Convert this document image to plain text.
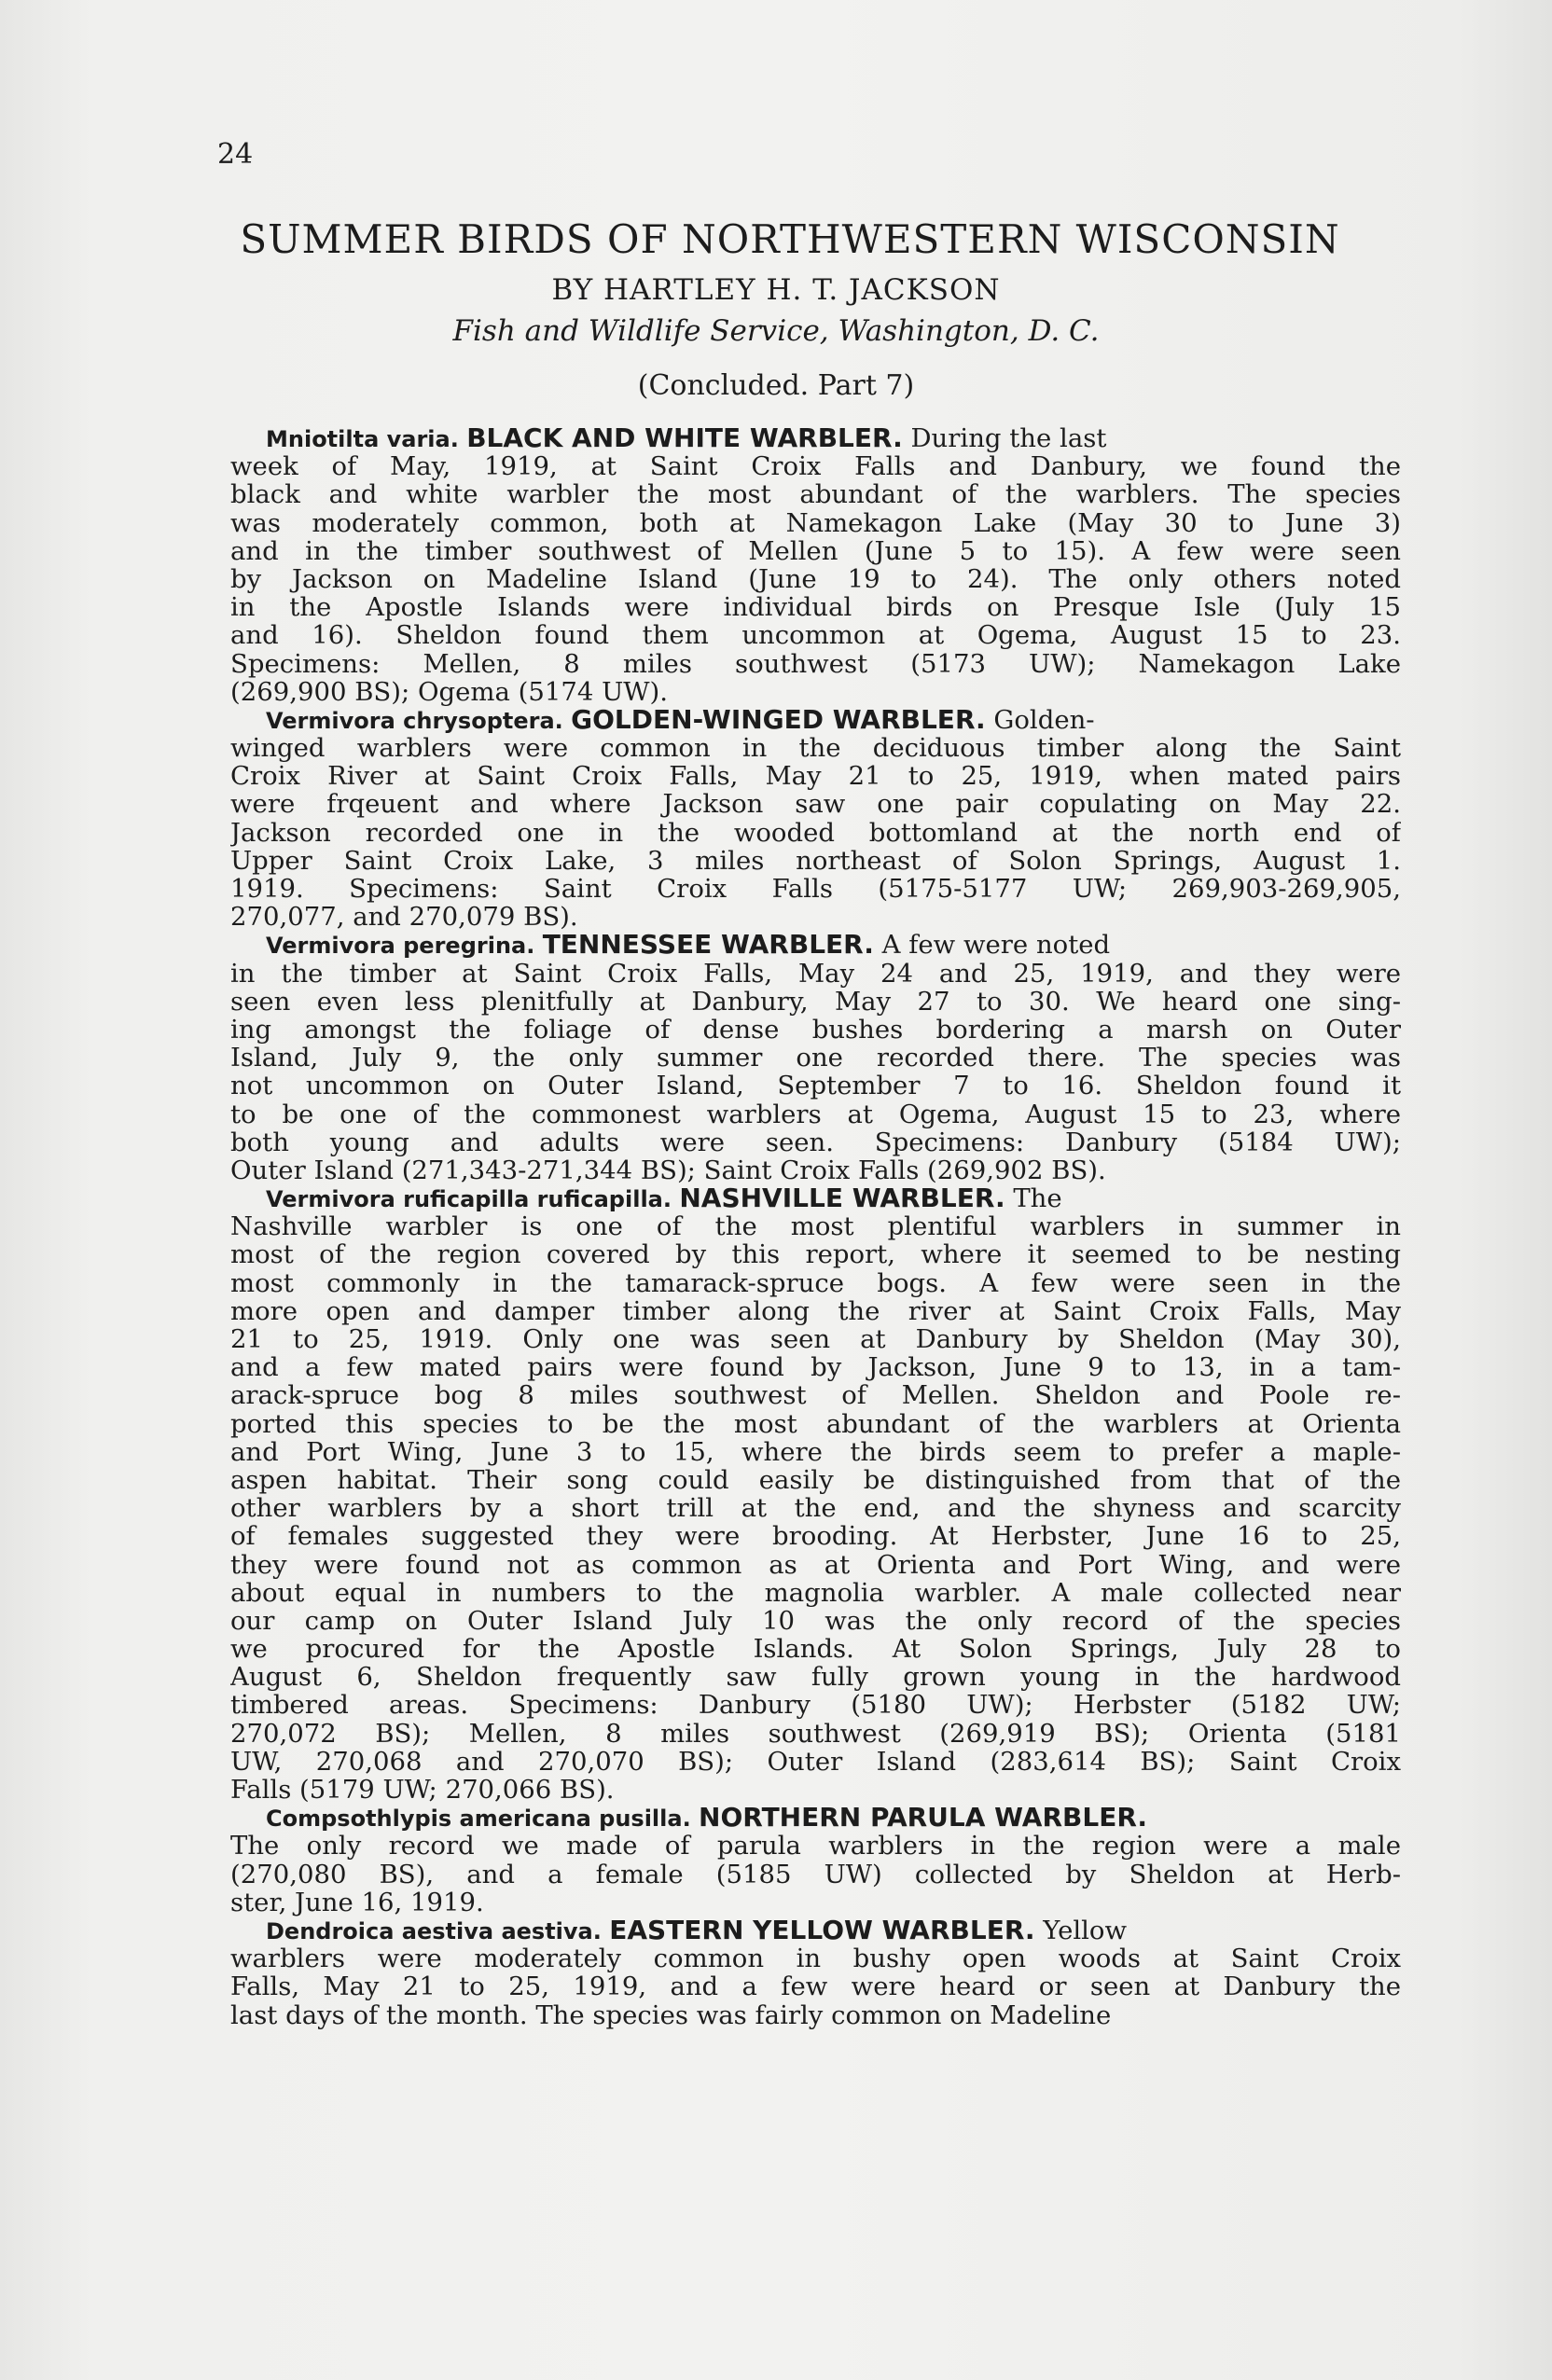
24
SUMMER BIRDS OF NORTHWESTERN WISCONSIN
BY HARTLEY H. T. JACKSON
Fish and Wildlife Service, Washington, D. C.
(Concluded. Part 7)
Mniotilta varia. BLACK AND WHITE WARBLER. During the last
week of May, 1919, at Saint Croix Falls and Danbury, we found the
black and white warbler the most abundant of the warblers. The species
was moderately common, both at Namekagon Lake (May 30 to June 3)
and in the timber southwest of Mellen (June 5 to 15). A few were seen
by Jackson on Madeline Island (June 19 to 24). The only others noted
in the Apostle Islands were individual birds on Presque Isle (July 15
and 16). Sheldon found them uncommon at Ogema, August 15 to 23.
Specimens: Mellen, 8 miles southwest (5173 UW); Namekagon Lake
(269,900 BS); Ogema (5174 UW).
Vermivora chrysoptera. GOLDEN-WINGED WARBLER. Golden-
winged warblers were common in the deciduous timber along the Saint
Croix River at Saint Croix Falls, May 21 to 25, 1919, when mated pairs
were frqeuent and where Jackson saw one pair copulating on May 22.
Jackson recorded one in the wooded bottomland at the north end of
Upper Saint Croix Lake, 3 miles northeast of Solon Springs, August 1.
1919. Specimens: Saint Croix Falls (5175-5177 UW; 269,903-269,905,
270,077, and 270,079 BS).
Vermivora peregrina. TENNESSEE WARBLER. A few were noted
in the timber at Saint Croix Falls, May 24 and 25, 1919, and they were
seen even less plenitfully at Danbury, May 27 to 30. We heard one sing-
ing amongst the foliage of dense bushes bordering a marsh on Outer
Island, July 9, the only summer one recorded there. The species was
not uncommon on Outer Island, September 7 to 16. Sheldon found it
to be one of the commonest warblers at Ogema, August 15 to 23, where
both young and adults were seen. Specimens: Danbury (5184 UW);
Outer Island (271,343-271,344 BS); Saint Croix Falls (269,902 BS).
Vermivora ruficapilla ruficapilla. NASHVILLE WARBLER. The
Nashville warbler is one of the most plentiful warblers in summer in
most of the region covered by this report, where it seemed to be nesting
most commonly in the tamarack-spruce bogs. A few were seen in the
more open and damper timber along the river at Saint Croix Falls, May
21 to 25, 1919. Only one was seen at Danbury by Sheldon (May 30),
and a few mated pairs were found by Jackson, June 9 to 13, in a tam-
arack-spruce bog 8 miles southwest of Mellen. Sheldon and Poole re-
ported this species to be the most abundant of the warblers at Orienta
and Port Wing, June 3 to 15, where the birds seem to prefer a maple-
aspen habitat. Their song could easily be distinguished from that of the
other warblers by a short trill at the end, and the shyness and scarcity
of females suggested they were brooding. At Herbster, June 16 to 25,
they were found not as common as at Orienta and Port Wing, and were
about equal in numbers to the magnolia warbler. A male collected near
our camp on Outer Island July 10 was the only record of the species
we procured for the Apostle Islands. At Solon Springs, July 28 to
August 6, Sheldon frequently saw fully grown young in the hardwood
timbered areas. Specimens: Danbury (5180 UW); Herbster (5182 UW;
270,072 BS); Mellen, 8 miles southwest (269,919 BS); Orienta (5181
UW, 270,068 and 270,070 BS); Outer Island (283,614 BS); Saint Croix
Falls (5179 UW; 270,066 BS).
Compsothlypis americana pusilla. NORTHERN PARULA WARBLER.
The only record we made of parula warblers in the region were a male
(270,080 BS), and a female (5185 UW) collected by Sheldon at Herb-
ster, June 16, 1919.
Dendroica aestiva aestiva. EASTERN YELLOW WARBLER. Yellow
warblers were moderately common in bushy open woods at Saint Croix
Falls, May 21 to 25, 1919, and a few were heard or seen at Danbury the
last days of the month. The species was fairly common on Madeline
